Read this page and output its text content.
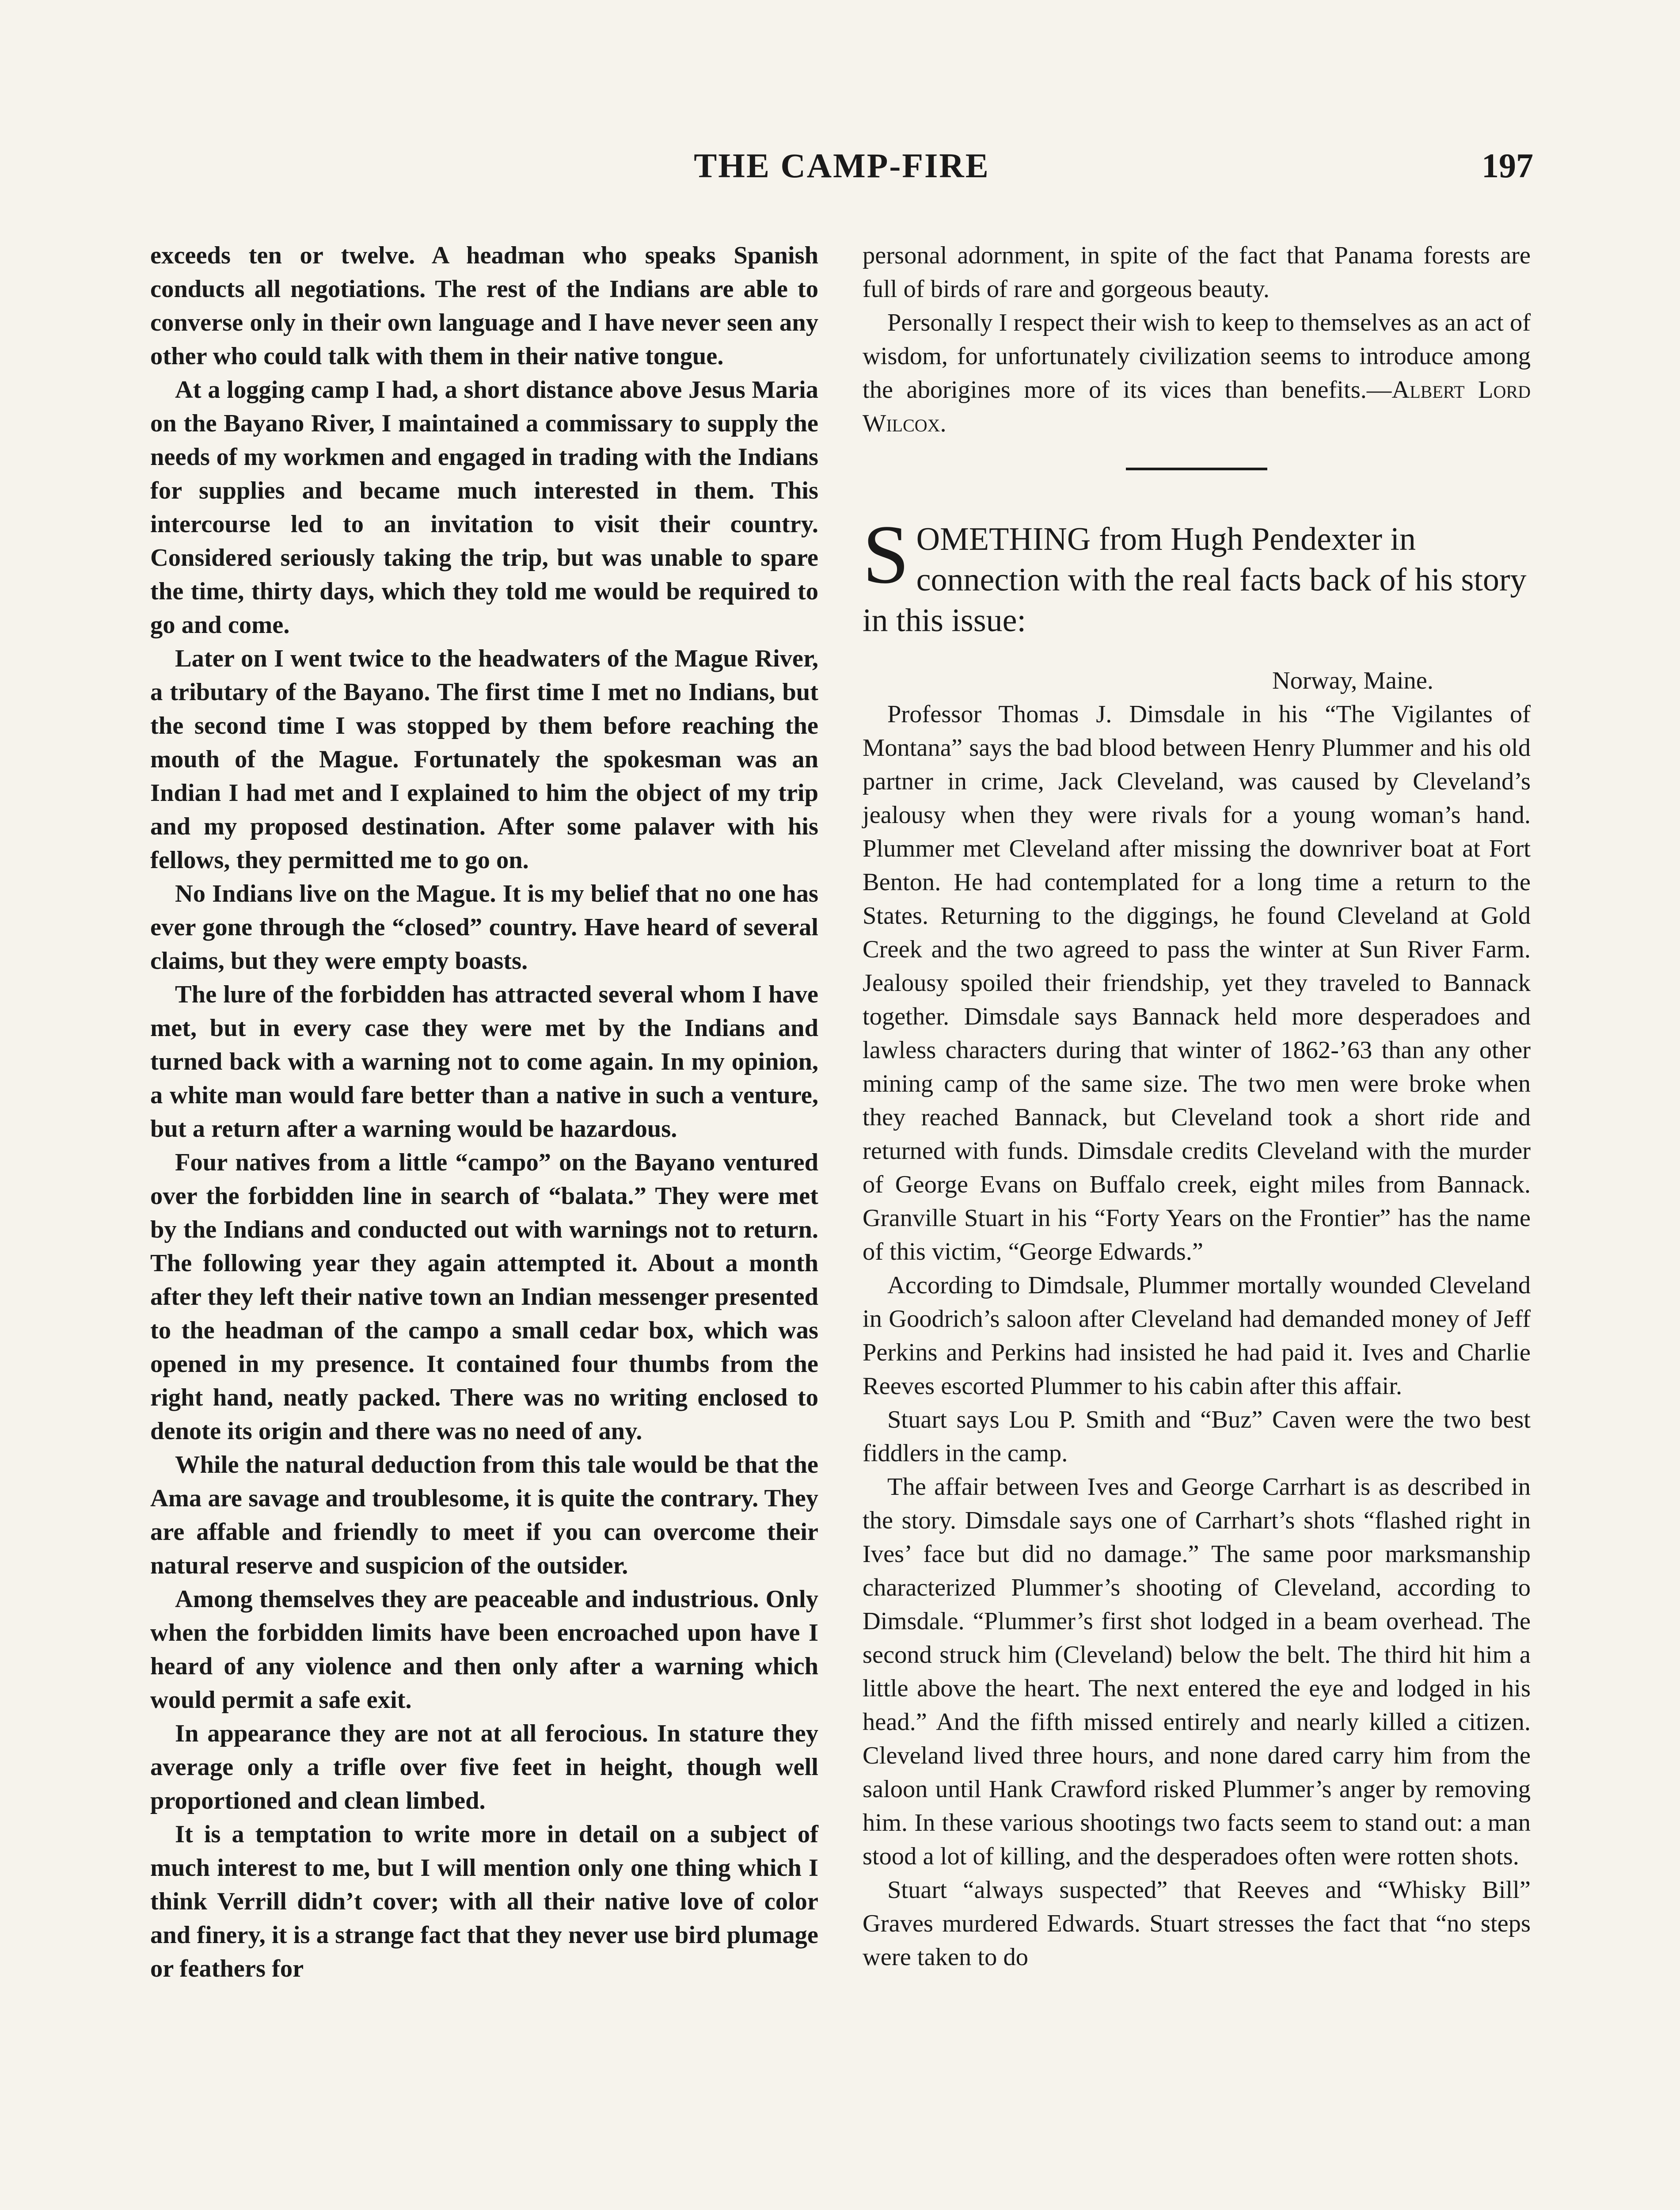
THE CAMP-FIRE	197

exceeds ten or twelve. A headman who speaks Spanish conducts all negotiations. The rest of the Indians are able to converse only in their own language and I have never seen any other who could talk with them in their native tongue.

At a logging camp I had, a short distance above Jesus Maria on the Bayano River, I maintained a commissary to supply the needs of my workmen and engaged in trading with the Indians for supplies and became much interested in them. This intercourse led to an invitation to visit their country. Considered seriously taking the trip, but was unable to spare the time, thirty days, which they told me would be required to go and come.

Later on I went twice to the headwaters of the Mague River, a tributary of the Bayano. The first time I met no Indians, but the second time I was stopped by them before reaching the mouth of the Mague. Fortunately the spokesman was an Indian I had met and I explained to him the object of my trip and my proposed destination. After some palaver with his fellows, they permitted me to go on.

No Indians live on the Mague. It is my belief that no one has ever gone through the “closed” country. Have heard of several claims, but they were empty boasts.

The lure of the forbidden has attracted several whom I have met, but in every case they were met by the Indians and turned back with a warning not to come again. In my opinion, a white man would fare better than a native in such a venture, but a return after a warning would be hazardous.

Four natives from a little “campo” on the Bayano ventured over the forbidden line in search of “balata.” They were met by the Indians and conducted out with warnings not to return. The following year they again attempted it. About a month after they left their native town an Indian messenger presented to the headman of the campo a small cedar box, which was opened in my presence. It contained four thumbs from the right hand, neatly packed. There was no writing enclosed to denote its origin and there was no need of any.

While the natural deduction from this tale would be that the Ama are savage and troublesome, it is quite the contrary. They are affable and friendly to meet if you can overcome their natural reserve and suspicion of the outsider.

Among themselves they are peaceable and industrious. Only when the forbidden limits have been encroached upon have I heard of any violence and then only after a warning which would permit a safe exit.

In appearance they are not at all ferocious. In stature they average only a trifle over five feet in height, though well proportioned and clean limbed.

It is a temptation to write more in detail on a subject of much interest to me, but I will mention only one thing which I think Verrill didn’t cover; with all their native love of color and finery, it is a strange fact that they never use bird plumage or feathers for

personal adornment, in spite of the fact that Panama forests are full of birds of rare and gorgeous beauty.

Personally I respect their wish to keep to themselves as an act of wisdom, for unfortunately civilization seems to introduce among the aborigines more of its vices than benefits.—Albert Lord Wilcox.

SOMETHING from Hugh Pendexter in connection with the real facts back of his story in this issue:

Norway, Maine.

Professor Thomas J. Dimsdale in his “The Vigilantes of Montana” says the bad blood between Henry Plummer and his old partner in crime, Jack Cleveland, was caused by Cleveland’s jealousy when they were rivals for a young woman’s hand. Plummer met Cleveland after missing the downriver boat at Fort Benton. He had contemplated for a long time a return to the States. Returning to the diggings, he found Cleveland at Gold Creek and the two agreed to pass the winter at Sun River Farm. Jealousy spoiled their friendship, yet they traveled to Bannack together. Dimsdale says Bannack held more desperadoes and lawless characters during that winter of 1862-’63 than any other mining camp of the same size. The two men were broke when they reached Bannack, but Cleveland took a short ride and returned with funds. Dimsdale credits Cleveland with the murder of George Evans on Buffalo creek, eight miles from Bannack. Granville Stuart in his “Forty Years on the Frontier” has the name of this victim, “George Edwards.”

According to Dimdsale, Plummer mortally wounded Cleveland in Goodrich’s saloon after Cleveland had demanded money of Jeff Perkins and Perkins had insisted he had paid it. Ives and Charlie Reeves escorted Plummer to his cabin after this affair.

Stuart says Lou P. Smith and “Buz” Caven were the two best fiddlers in the camp.

The affair between Ives and George Carrhart is as described in the story. Dimsdale says one of Carrhart’s shots “flashed right in Ives’ face but did no damage.” The same poor marksmanship characterized Plummer’s shooting of Cleveland, according to Dimsdale. “Plummer’s first shot lodged in a beam overhead. The second struck him (Cleveland) below the belt. The third hit him a little above the heart. The next entered the eye and lodged in his head.” And the fifth missed entirely and nearly killed a citizen. Cleveland lived three hours, and none dared carry him from the saloon until Hank Crawford risked Plummer’s anger by removing him. In these various shootings two facts seem to stand out: a man stood a lot of killing, and the desperadoes often were rotten shots.

Stuart “always suspected” that Reeves and “Whisky Bill” Graves murdered Edwards. Stuart stresses the fact that “no steps were taken to do
